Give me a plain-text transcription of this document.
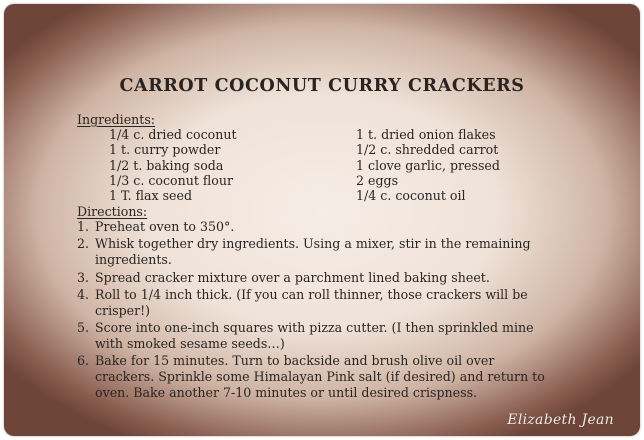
CARROT COCONUT CURRY CRACKERS
Ingredients:
1/4 c. dried coconut
1 t. curry powder
1/2 t. baking soda
1/3 c. coconut flour
1 T. flax seed
1 t. dried onion flakes
1/2 c. shredded carrot
1 clove garlic, pressed
2 eggs
1/4 c. coconut oil
Directions:
1. Preheat oven to 350°.
2. Whisk together dry ingredients. Using a mixer, stir in the remaining ingredients.
3. Spread cracker mixture over a parchment lined baking sheet.
4. Roll to 1/4 inch thick. (If you can roll thinner, those crackers will be crisper!)
5. Score into one-inch squares with pizza cutter. (I then sprinkled mine with smoked sesame seeds…)
6. Bake for 15 minutes. Turn to backside and brush olive oil over crackers. Sprinkle some Himalayan Pink salt (if desired) and return to oven. Bake another 7-10 minutes or until desired crispness.
Elizabeth Jean
